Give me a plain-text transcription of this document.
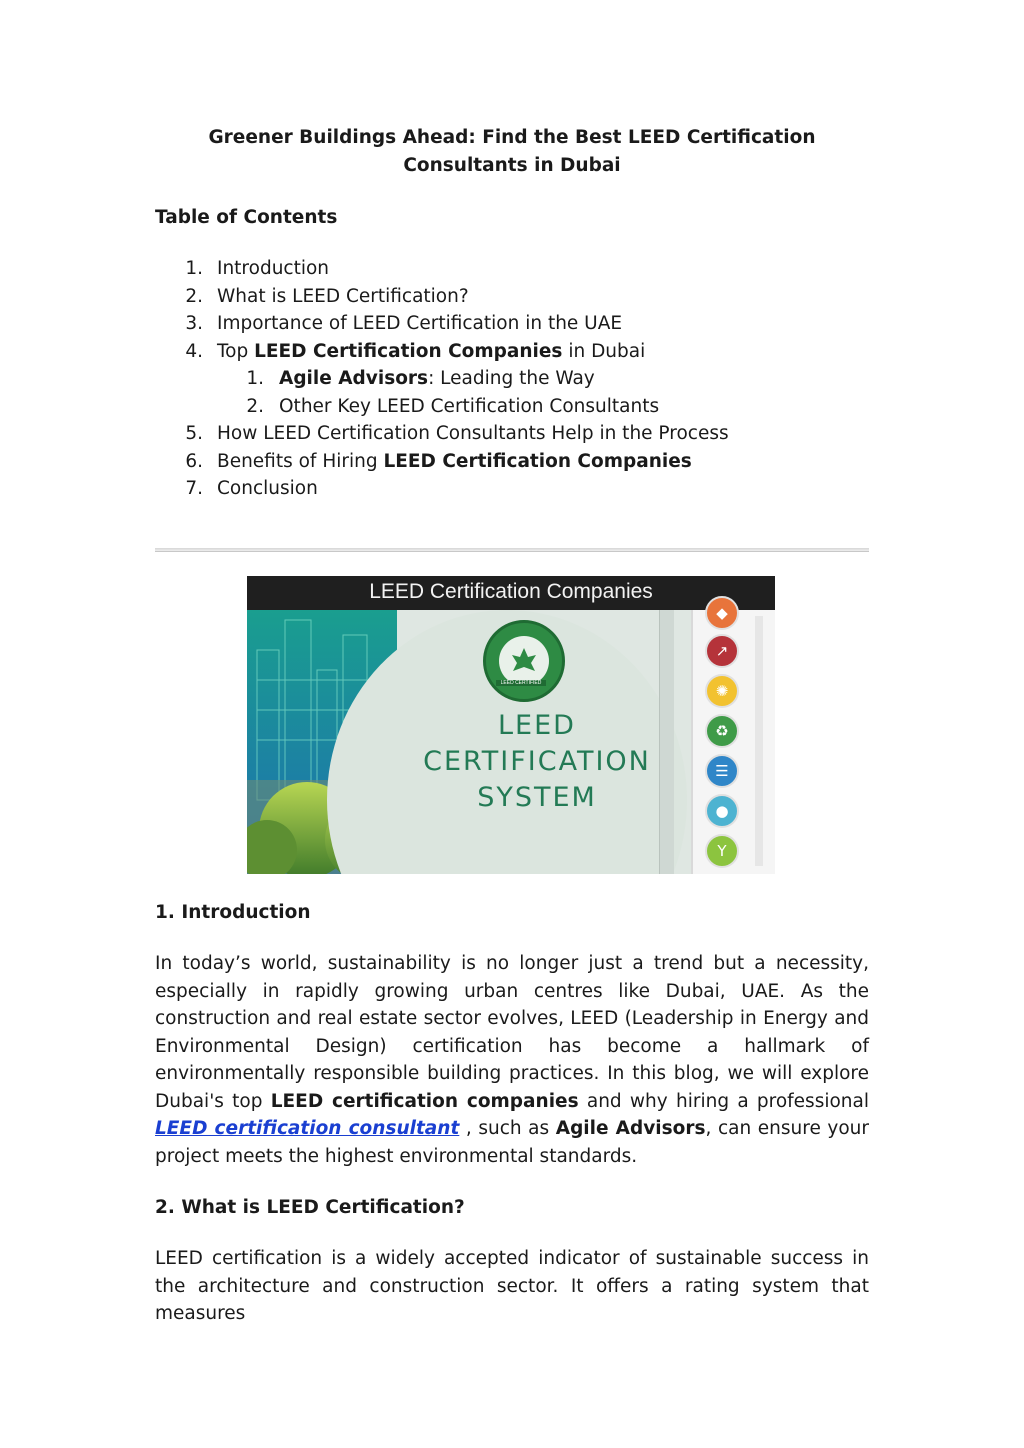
Greener Buildings Ahead: Find the Best LEED Certification Consultants in Dubai
Table of Contents
1. Introduction
2. What is LEED Certification?
3. Importance of LEED Certification in the UAE
4. Top LEED Certification Companies in Dubai
1. Agile Advisors: Leading the Way
2. Other Key LEED Certification Consultants
5. How LEED Certification Consultants Help in the Process
6. Benefits of Hiring LEED Certification Companies
7. Conclusion
LEED Certification Companies
LEED CERTIFIED
LEED
CERTIFICATION
SYSTEM
◆
↗
✺
♻
☰
●
Y
1. Introduction

In today’s world, sustainability is no longer just a trend but a necessity, especially in rapidly growing urban centres like Dubai, UAE. As the construction and real estate sector evolves, LEED (Leadership in Energy and Environmental Design) certification has become a hallmark of environmentally responsible building practices. In this blog, we will explore Dubai's top LEED certification companies and why hiring a professional LEED certification consultant , such as Agile Advisors, can ensure your project meets the highest environmental standards.

2. What is LEED Certification?

LEED certification is a widely accepted indicator of sustainable success in the architecture and construction sector. It offers a rating system that measures
